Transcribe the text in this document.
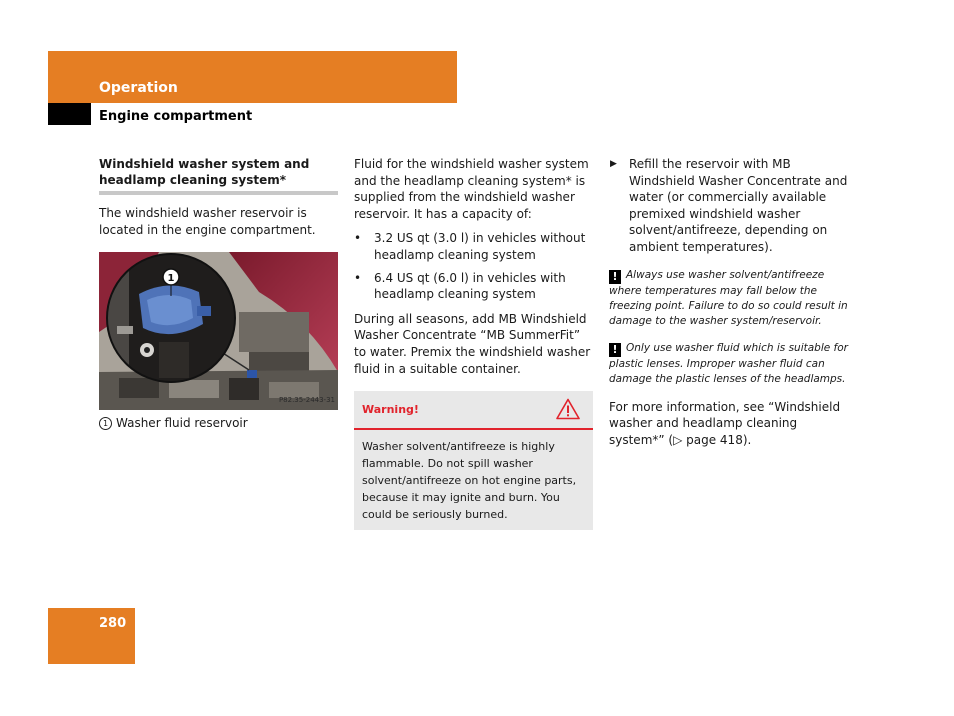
Operation
Engine compartment
Windshield washer system and headlamp cleaning system*

The windshield washer reservoir is located in the engine compartment.

1
P82.35-2443-31
1 Washer fluid reservoir

Fluid for the windshield washer system and the headlamp cleaning system* is supplied from the windshield washer reservoir. It has a capacity of:

• 3.2 US qt (3.0 l) in vehicles without headlamp cleaning system
• 6.4 US qt (6.0 l) in vehicles with headlamp cleaning system

During all seasons, add MB Windshield Washer Concentrate “MB SummerFit” to water. Premix the windshield washer fluid in a suitable container.

Warning!
Washer solvent/antifreeze is highly flammable. Do not spill washer solvent/antifreeze on hot engine parts, because it may ignite and burn. You could be seriously burned.
▶ Refill the reservoir with MB Windshield Washer Concentrate and water (or commercially available premixed windshield washer solvent/antifreeze, depending on ambient temperatures).

! Always use washer solvent/antifreeze where temperatures may fall below the freezing point. Failure to do so could result in damage to the washer system/reservoir.

! Only use washer fluid which is suitable for plastic lenses. Improper washer fluid can damage the plastic lenses of the headlamps.

For more information, see “Windshield washer and headlamp cleaning system*” (▷ page 418).

280
